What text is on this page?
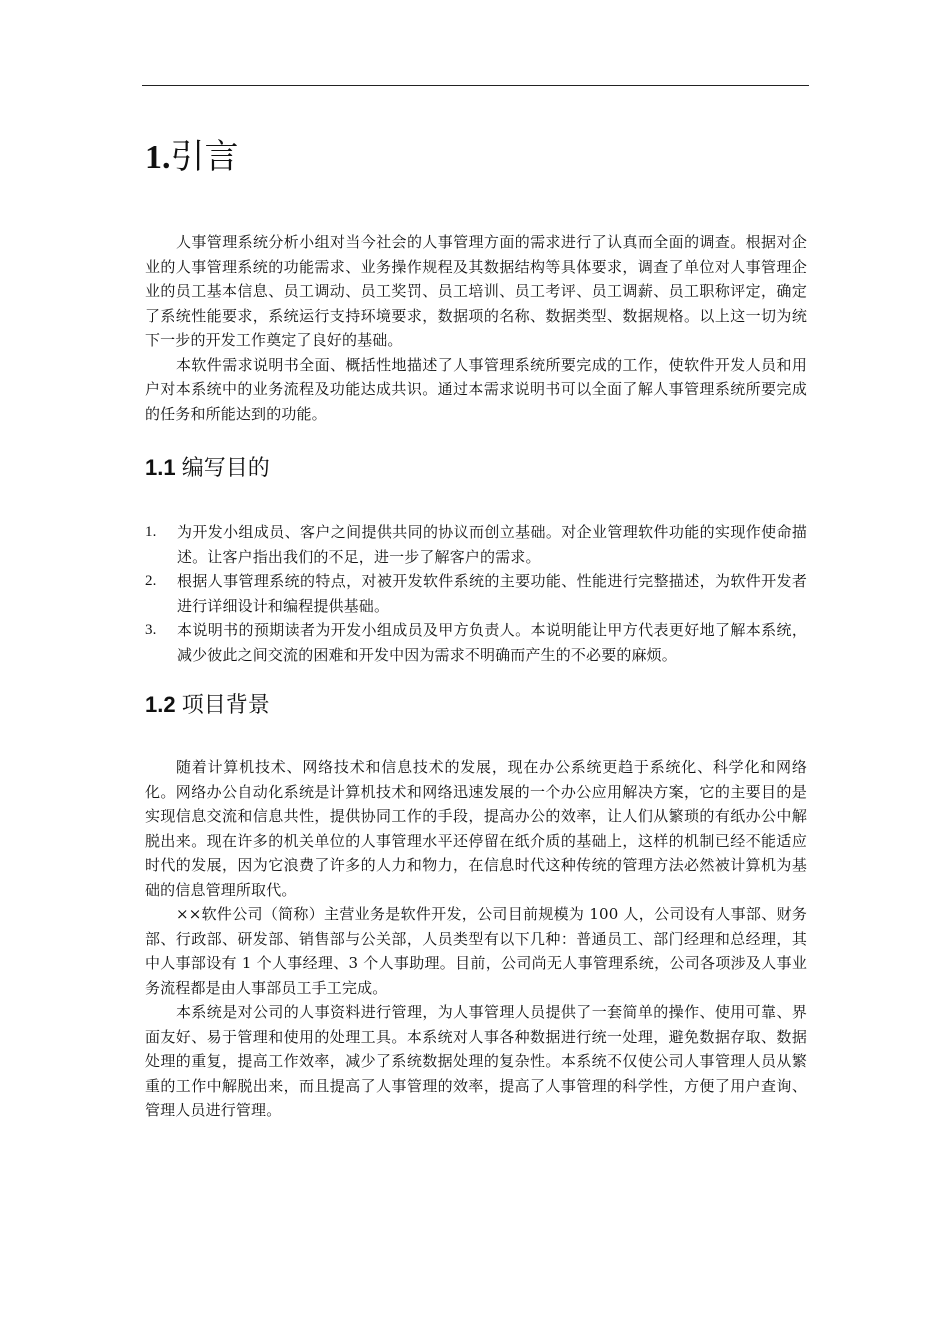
1.引言

人事管理系统分析小组对当今社会的人事管理方面的需求进行了认真而全面的调查。根据对企业的人事管理系统的功能需求、业务操作规程及其数据结构等具体要求，调查了单位对人事管理企业的员工基本信息、员工调动、员工奖罚、员工培训、员工考评、员工调薪、员工职称评定，确定了系统性能要求，系统运行支持环境要求，数据项的名称、数据类型、数据规格。以上这一切为统下一步的开发工作奠定了良好的基础。

本软件需求说明书全面、概括性地描述了人事管理系统所要完成的工作，使软件开发人员和用户对本系统中的业务流程及功能达成共识。通过本需求说明书可以全面了解人事管理系统所要完成的任务和所能达到的功能。

1.1 编写目的
1. 为开发小组成员、客户之间提供共同的协议而创立基础。对企业管理软件功能的实现作使命描述。让客户指出我们的不足，进一步了解客户的需求。
2. 根据人事管理系统的特点，对被开发软件系统的主要功能、性能进行完整描述，为软件开发者进行详细设计和编程提供基础。
3. 本说明书的预期读者为开发小组成员及甲方负责人。本说明能让甲方代表更好地了解本系统，减少彼此之间交流的困难和开发中因为需求不明确而产生的不必要的麻烦。
1.2 项目背景

随着计算机技术、网络技术和信息技术的发展，现在办公系统更趋于系统化、科学化和网络化。网络办公自动化系统是计算机技术和网络迅速发展的一个办公应用解决方案，它的主要目的是实现信息交流和信息共性，提供协同工作的手段，提高办公的效率，让人们从繁琐的有纸办公中解脱出来。现在许多的机关单位的人事管理水平还停留在纸介质的基础上，这样的机制已经不能适应时代的发展，因为它浪费了许多的人力和物力，在信息时代这种传统的管理方法必然被计算机为基础的信息管理所取代。

××软件公司（简称）主营业务是软件开发，公司目前规模为 100 人，公司设有人事部、财务部、行政部、研发部、销售部与公关部，人员类型有以下几种：普通员工、部门经理和总经理，其中人事部设有 1 个人事经理、3 个人事助理。目前，公司尚无人事管理系统，公司各项涉及人事业务流程都是由人事部员工手工完成。

本系统是对公司的人事资料进行管理，为人事管理人员提供了一套简单的操作、使用可靠、界面友好、易于管理和使用的处理工具。本系统对人事各种数据进行统一处理，避免数据存取、数据处理的重复，提高工作效率，减少了系统数据处理的复杂性。本系统不仅使公司人事管理人员从繁重的工作中解脱出来，而且提高了人事管理的效率，提高了人事管理的科学性，方便了用户查询、管理人员进行管理。
